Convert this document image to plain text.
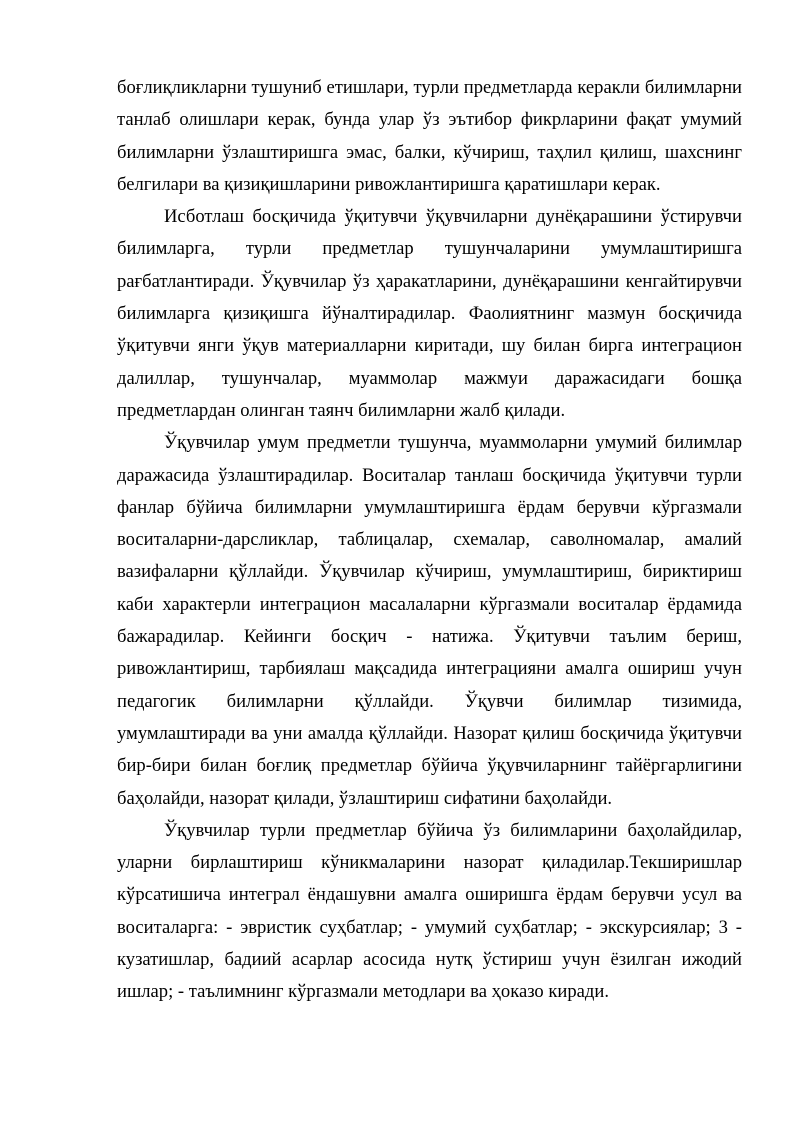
боғлиқликларни тушуниб етишлари, турли предметларда керакли билимларни танлаб олишлари керак, бунда улар ўз эътибор фикрларини фақат умумий билимларни ўзлаштиришга эмас, балки, кўчириш, таҳлил қилиш, шахснинг белгилари ва қизиқишларини ривожлантиришга қаратишлари керак.

Исботлаш босқичида ўқитувчи ўқувчиларни дунёқарашини ўстирувчи билимларга, турли предметлар тушунчаларини умумлаштиришга рағбатлантиради. Ўқувчилар ўз ҳаракатларини, дунёқарашини кенгайтирувчи билимларга қизиқишга йўналтирадилар. Фаолиятнинг мазмун босқичида ўқитувчи янги ўқув материалларни киритади, шу билан бирга интеграцион далиллар, тушунчалар, муаммолар мажмуи даражасидаги бошқа предметлардан олинган таянч билимларни жалб қилади.

Ўқувчилар умум предметли тушунча, муаммоларни умумий билимлар даражасида ўзлаштирадилар. Воситалар танлаш босқичида ўқитувчи турли фанлар бўйича билимларни умумлаштиришга ёрдам берувчи кўргазмали воситаларни-дарсликлар, таблицалар, схемалар, саволномалар, амалий вазифаларни қўллайди. Ўқувчилар кўчириш, умумлаштириш, бириктириш каби характерли интеграцион масалаларни кўргазмали воситалар ёрдамида бажарадилар. Кейинги босқич - натижа. Ўқитувчи таълим бериш, ривожлантириш, тарбиялаш мақсадида интеграцияни амалга ошириш учун педагогик билимларни қўллайди. Ўқувчи билимлар тизимида, умумлаштиради ва уни амалда қўллайди. Назорат қилиш босқичида ўқитувчи бир-бири билан боғлиқ предметлар бўйича ўқувчиларнинг тайёргарлигини баҳолайди, назорат қилади, ўзлаштириш сифатини баҳолайди.

Ўқувчилар турли предметлар бўйича ўз билимларини баҳолайдилар, уларни бирлаштириш кўникмаларини назорат қиладилар.Текширишлар кўрсатишича интеграл ёндашувни амалга оширишга ёрдам берувчи усул ва воситаларга: - эвристик суҳбатлар; - умумий суҳбатлар; - экскурсиялар; 3 - кузатишлар, бадиий асарлар асосида нутқ ўстириш учун ёзилган ижодий ишлар; - таълимнинг кўргазмали методлари ва ҳоказо киради.
